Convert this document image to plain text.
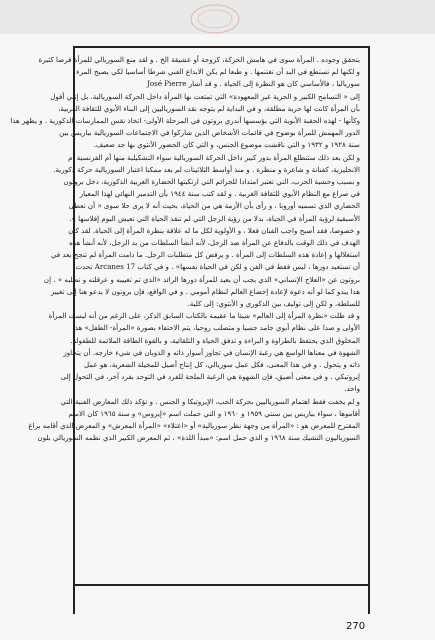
بتحقق وجوده . المرأة سوى في هامش الحركة، كزوجة أو عشيقة الخ . و لقد منع السوريالي للمرأة فرصا كثيرة
و لكنها لم تستطع في البد أن تغتنمها . و طبعا لم يكن الابداع الفني شرطا أساسيا لكي يصبح المرء
سورياليا ، فالأساسي كان هو النظرة إلى الحياة . و قد أشار José Pierre
إلى « التسامح الكبير و الحرية غير المعهودة» التي تمتعت بها المرأة داخل الحركة السوريالية. بل إنني أقول
بأن المرأة كانت لها حرية مطلقة، و في البداية لم يتوجه نقد السورياليين إلى البناء الأبوي للثقافة الغربية،
وكأنها - لهذه الحقبة الأبوية التي يؤسسها أندري بروتون في المرحلة الأولى- اتخاذ نقس الممارسات الذكورية . و يظهر هذا
الدور المهمش للمرأة بوضوح في قائمات الأشخاص الذين شاركوا في الاجتماعات السوريالية بباريس بين
سنة ١٩٢٨ و ١٩٣٢ و التي ناقشت موضوع الجنس، و التي كان الحضور الأنثوي بها جد ضعيف.
و لكن بعد ذلك ستتطلع المرأة بدور كبير داخل الحركة السوريالية سواء التشكيلية منها أم الفرنسية أم
الانجليزية، كفنانة و شاعرة و منظرة . و منذ أواسط الثلاثينات لم يعد ممكنا اعتبار السوريالية حركة ذكورية.
و بسبب وحشية الحرب، التي تعتبر امتدادا للجرائم التي ارتكبتها الحضارة الغربية الذكورية، دخل بروتون
في صراع مع النظام الأبوي للثقافة الغربية . و لقد كتب سنة ١٩٤٤ بأن التدمير النهائي لهذا المعيار
الحضاري الذي تسميه أوروبا ، و رأى بأن الأزمة هي من الحياة، بحيث أنه لا يرى حلا سوى « أن تعطى
الأسبقية لرؤية المرأة في الحياة، بدلا من رؤية الرجل التي لم تنقذ الحياة التي تعيش اليوم إفلاسها ».
و خصوصا، فقد أصبح واجب الفنان فعلا ، و الأولوية لكل ما له علاقة بنظرة المرأة إلى الحياة. لقد كان
الهدف في ذلك الوقت بالدفاع عن المرأة ضد الرجل، لأنه أنشأ السلطات من يد الرجل، لأنه أنشأ هذه
استغلالها و إعادة هذه السلطات إلى المرأة . و يرفض كل متطلبات الرجل. ما دامت المرأة لم تنجح بعد في
أن تستعيد دورها ، ليس فقط في الفن و لكن في الحياة نفسها» . و في كتاب Arcanes 17 تحدث
بروتون عن «العلاج الإنساني» الذي يجب أن يعيد للمرأة دورها الرائد «الذي تم تغييبه و عرقلته و تطلبه » . إن
هذا يبدو كما لو أنه دعوة لإعادة إخضاع العالم لنظام أمومي . و في الواقع، فإن بروتون لا يدعو هنا إلى تغيير
للسلطة، و لكن إلى توليف بين الذكوري و الأنثوي: إلى كلية.
و قد ظلت «نظرة المرأة إلى العالم» شيئا ما عقيمة بالكتاب السابق الذكر، على الرغم من أنه ليست المرأة
الأولى و صدا على نظام أبوي جامد جسيا و متصلب روحيا، يتم الاحتفاء بصورة «المرأة- الطفل» هذا
المخلوق الذي يحتفظ بالطراوة و البراءة و تدفق الحياة و التلقائية، و بالقوة الطاقة الملائمة للطفولة.
الشهوة في معناها الواسع هي رغبة الإنسان في تجاوز أسوار ذاته و الذوبان في شيء خارجه. أن يتجاوز
ذاته و يتحول . و في هذا المعنى، فكل عمل سوريالي، كل إنتاج أصيل للمخيلة الشعرية، هو عمل
إيروتيكي . و في معنى أضيق، فإن الشهوة هي الرغبة الملحة للفرد في التوحد بفرد آخر، في التحول إلى
واحد.
و لم يخفت فقط اهتمام السورياليين بحركة الحب، الإيروتيكا و الجنس . و تؤكد ذلك المعارض الفنية التي
أقاموها ، سواء بباريس بين سنتي ١٩٥٩ و ١٩٦٠ و التي حملت اسم «إيروس» و سنة ١٩٦٥ كان الاسم
المقترح للمعرض هو : «المرأة من وجهة نظر سوريالية» أو «اعتلاء» «المرأة المعرش» و المعرض الذي أقامه براغ
السورياليون التشيك سنة ١٩٦٨ و الذي حمل اسم: «مبدأ اللذة» ، ثم المعرض الكبير الذي نظمه السوريالي بلون
270
